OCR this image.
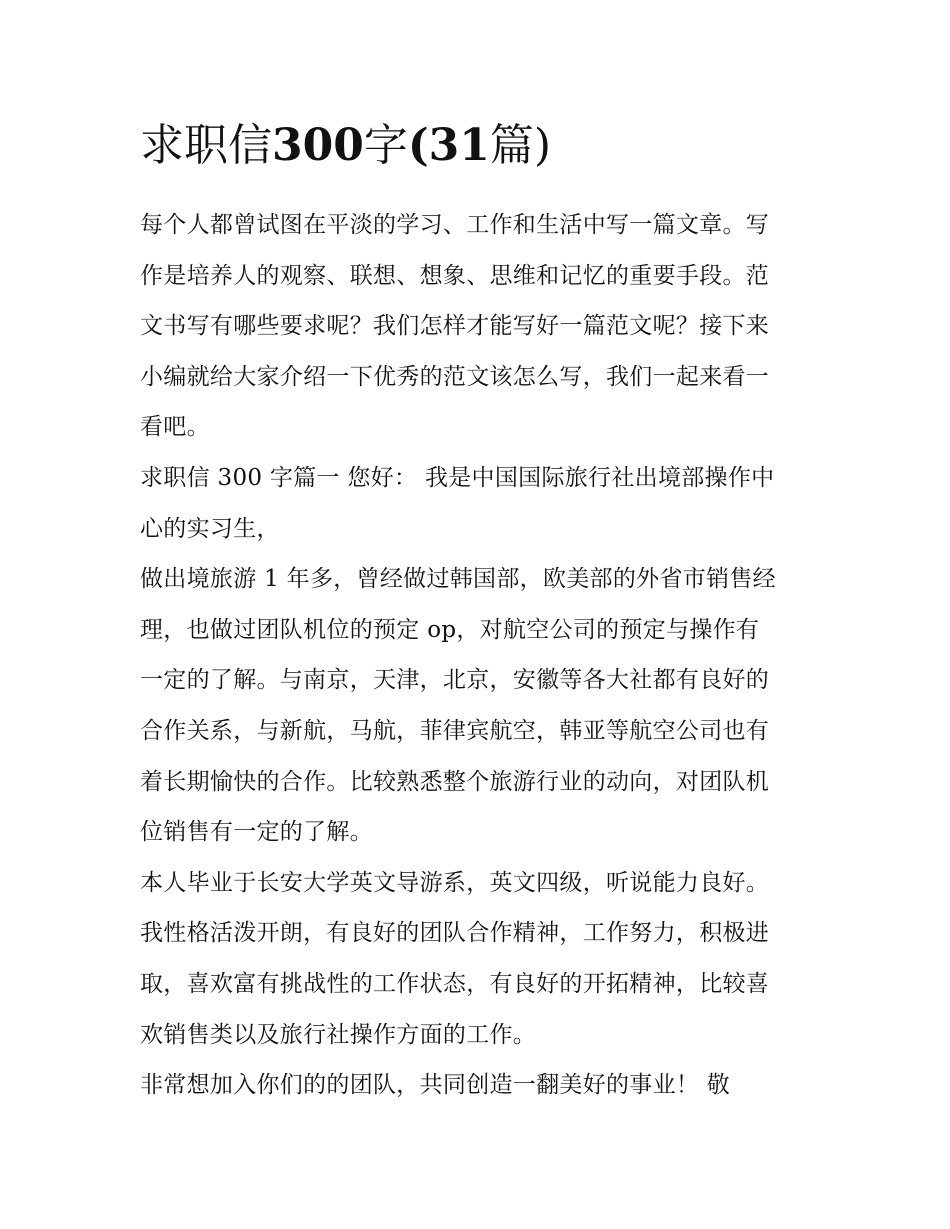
求职信300字(31篇)

每个人都曾试图在平淡的学习、工作和生活中写一篇文章。写
作是培养人的观察、联想、想象、思维和记忆的重要手段。范
文书写有哪些要求呢？我们怎样才能写好一篇范文呢？接下来
小编就给大家介绍一下优秀的范文该怎么写，我们一起来看一
看吧。

求职信 300 字篇一 您好： 我是中国国际旅行社出境部操作中
心的实习生，

做出境旅游 1 年多，曾经做过韩国部，欧美部的外省市销售经
理，也做过团队机位的预定 op，对航空公司的预定与操作有
一定的了解。与南京，天津，北京，安徽等各大社都有良好的
合作关系，与新航，马航，菲律宾航空，韩亚等航空公司也有
着长期愉快的合作。比较熟悉整个旅游行业的动向，对团队机
位销售有一定的了解。

本人毕业于长安大学英文导游系，英文四级，听说能力良好。
我性格活泼开朗，有良好的团队合作精神，工作努力，积极进
取，喜欢富有挑战性的工作状态，有良好的开拓精神，比较喜
欢销售类以及旅行社操作方面的工作。

非常想加入你们的的团队，共同创造一翻美好的事业！ 敬
